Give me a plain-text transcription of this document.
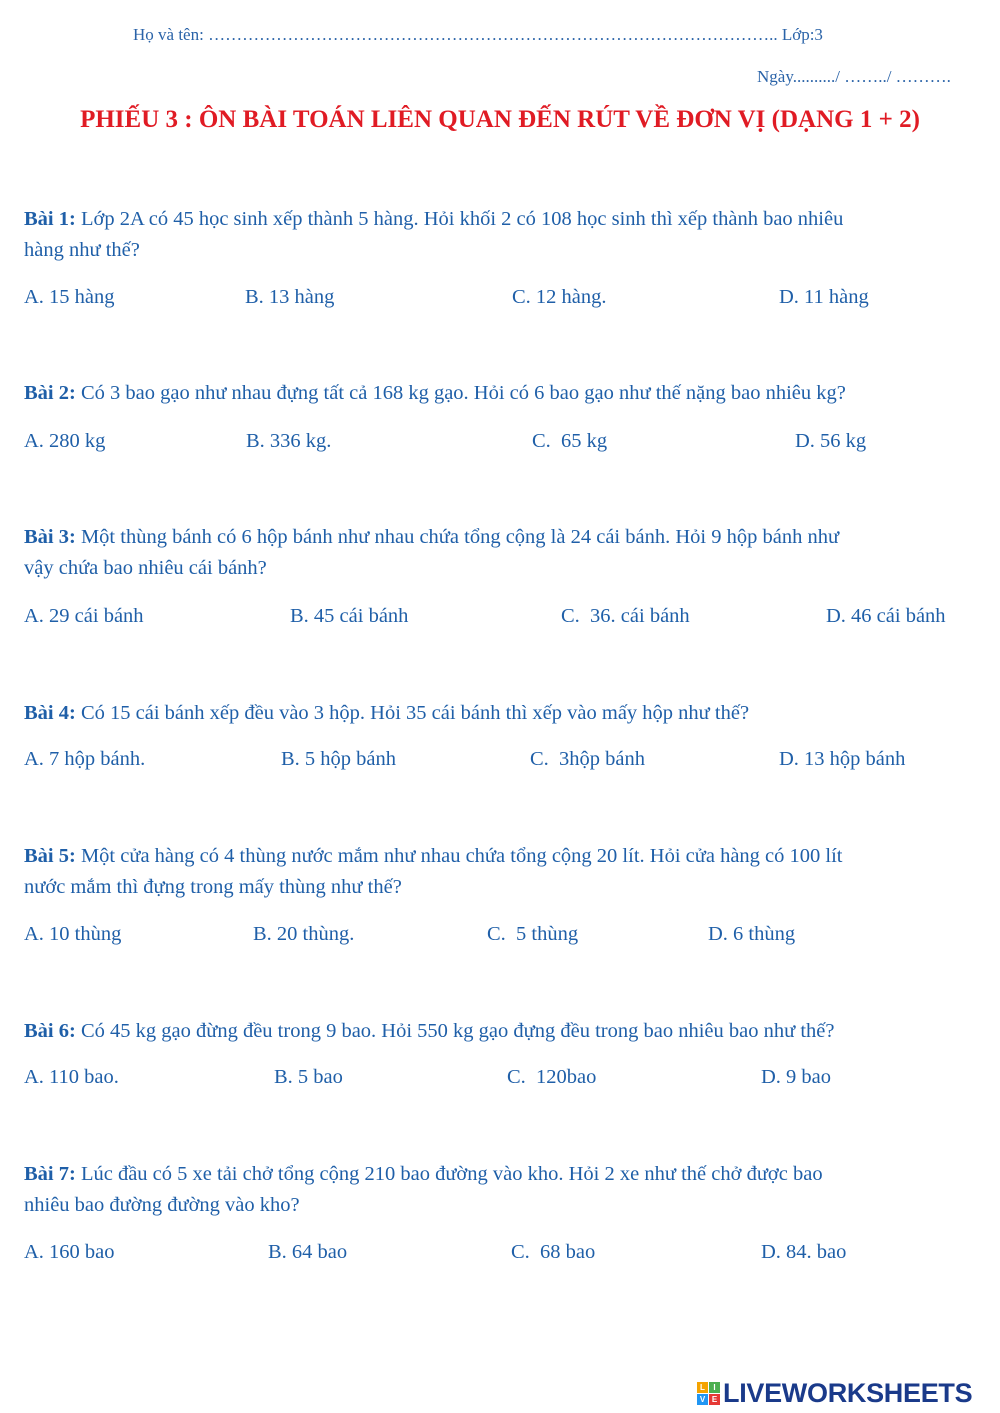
Họ và tên: ……………………………………………………………………………………….. Lớp:3
Ngày........../ ……../ ……….
PHIẾU 3 : ÔN BÀI TOÁN LIÊN QUAN ĐẾN RÚT VỀ ĐƠN VỊ (DẠNG 1 + 2)
Bài 1: Lớp 2A có 45 học sinh xếp thành 5 hàng. Hỏi khối 2 có 108 học sinh thì xếp thành bao nhiêu
hàng như thế?
A. 15 hàng	B. 13 hàng	C. 12 hàng.	D. 11 hàng
Bài 2: Có 3 bao gạo như nhau đựng tất cả 168 kg gạo. Hỏi có 6 bao gạo như thế nặng bao nhiêu kg?
A. 280 kg	B. 336 kg.	C.  65 kg	D. 56 kg
Bài 3: Một thùng bánh có 6 hộp bánh như nhau chứa tổng cộng là 24 cái bánh. Hỏi 9 hộp bánh như
vậy chứa bao nhiêu cái bánh?
A. 29 cái bánh	B. 45 cái bánh	C.  36. cái bánh	D. 46 cái bánh
Bài 4: Có 15 cái bánh xếp đều vào 3 hộp. Hỏi 35 cái bánh thì xếp vào mấy hộp như thế?
A. 7 hộp bánh.	B. 5 hộp bánh	C.  3hộp bánh	D. 13 hộp bánh
Bài 5: Một cửa hàng có 4 thùng nước mắm như nhau chứa tổng cộng 20 lít. Hỏi cửa hàng có 100 lít
nước mắm thì đựng trong mấy thùng như thế?
A. 10 thùng	B. 20 thùng.	C.  5 thùng	D. 6 thùng
Bài 6: Có 45 kg gạo đừng đều trong 9 bao. Hỏi 550 kg gạo đựng đều trong bao nhiêu bao như thế?
A. 110 bao.	B. 5 bao	C.  120bao	D. 9 bao
Bài 7: Lúc đầu có 5 xe tải chở tổng cộng 210 bao đường vào kho. Hỏi 2 xe như thế chở được bao
nhiêu bao đường đường vào kho?
A. 160 bao	B. 64 bao	C.  68 bao	D. 84. bao
L	I
V E LIVEWORKSHEETS
